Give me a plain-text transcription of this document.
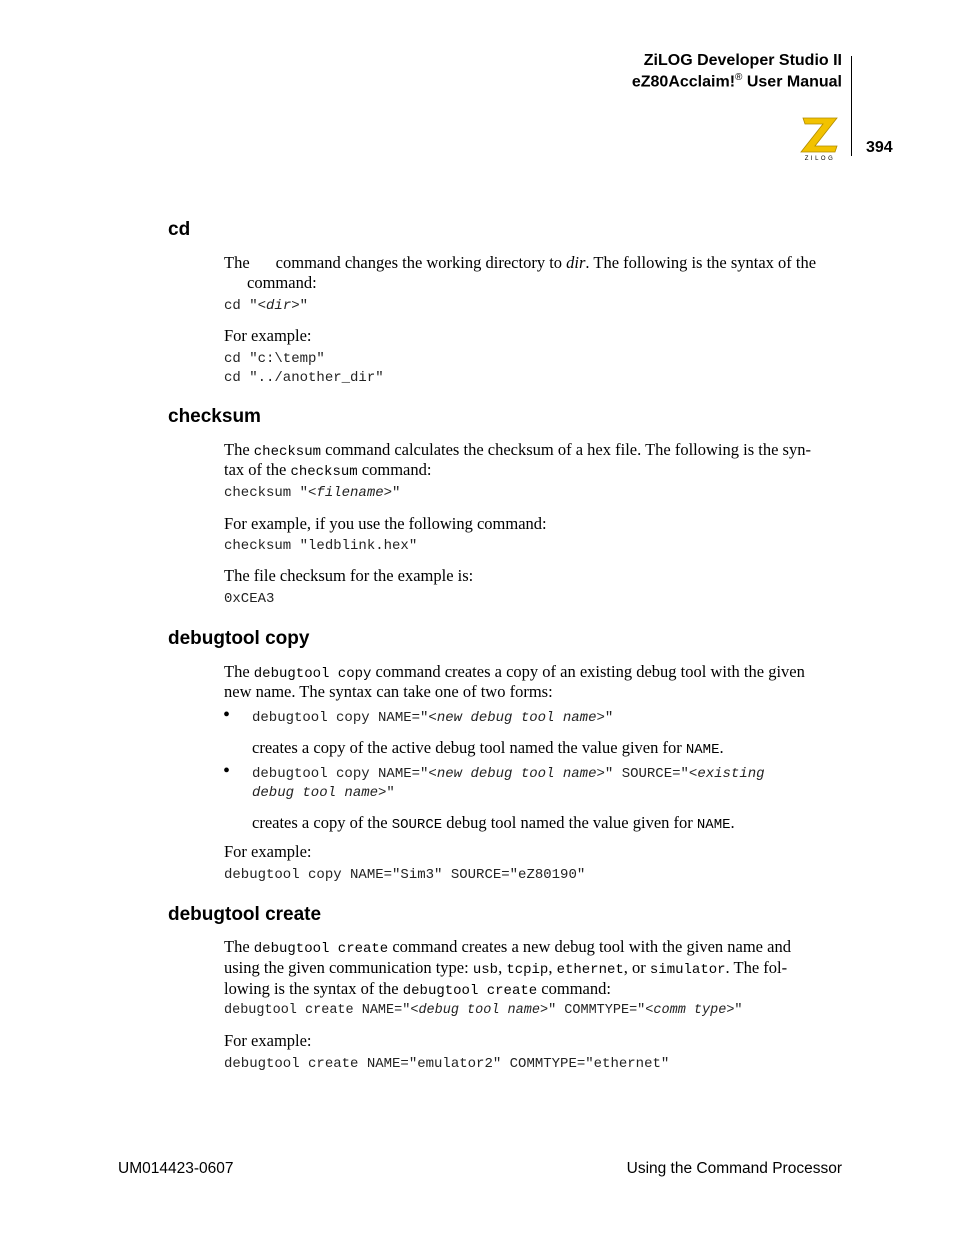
ZiLOG Developer Studio II
eZ80Acclaim!® User Manual
394
ZILOG
cd
The command changes the working directory to dir. The following is the syntax of the
command:
cd "<dir>"
For example:
cd "c:\temp"
cd "../another_dir"
checksum
The checksum command calculates the checksum of a hex file. The following is the syn-
tax of the checksum command:
checksum "<filename>"
For example, if you use the following command:
checksum "ledblink.hex"
The file checksum for the example is:
0xCEA3
debugtool copy
The debugtool copy command creates a copy of an existing debug tool with the given
new name. The syntax can take one of two forms:
• debugtool copy NAME="<new debug tool name>"
creates a copy of the active debug tool named the value given for NAME.
• debugtool copy NAME="<new debug tool name>" SOURCE="<existing
debug tool name>"
creates a copy of the SOURCE debug tool named the value given for NAME.
For example:
debugtool copy NAME="Sim3" SOURCE="eZ80190"
debugtool create
The debugtool create command creates a new debug tool with the given name and
using the given communication type: usb, tcpip, ethernet, or simulator. The fol-
lowing is the syntax of the debugtool create command:
debugtool create NAME="<debug tool name>" COMMTYPE="<comm type>"
For example:
debugtool create NAME="emulator2" COMMTYPE="ethernet"
UM014423-0607	Using the Command Processor
